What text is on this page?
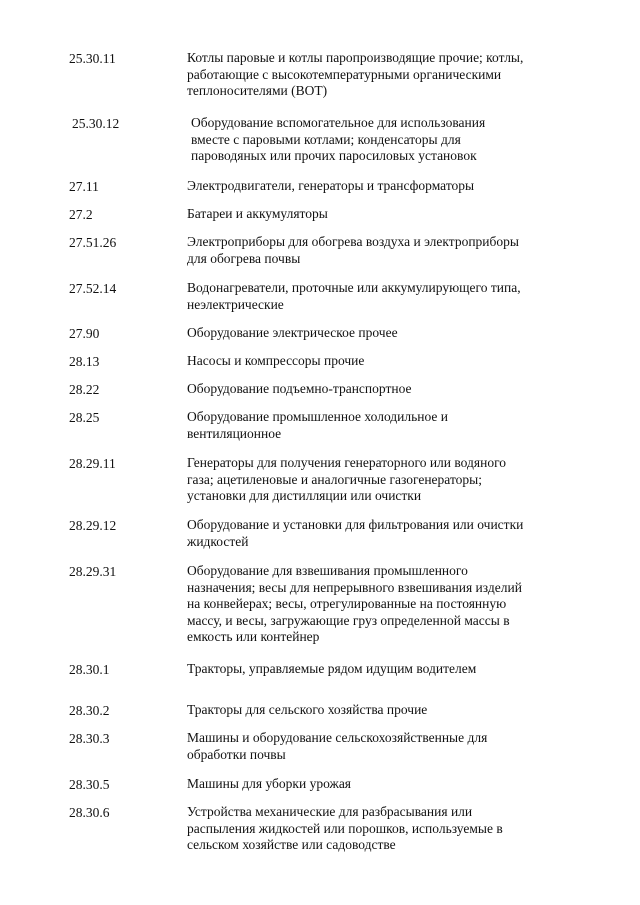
25.30.11	Котлы паровые и котлы паропроизводящие прочие; котлы,
работающие с высокотемпературными органическими
теплоносителями (ВОТ)
25.30.12	Оборудование вспомогательное для использования
вместе с паровыми котлами; конденсаторы для
пароводяных или прочих паросиловых установок
27.11	Электродвигатели, генераторы и трансформаторы
27.2	Батареи и аккумуляторы
27.51.26	Электроприборы для обогрева воздуха и электроприборы
для обогрева почвы
27.52.14	Водонагреватели, проточные или аккумулирующего типа,
неэлектрические
27.90	Оборудование электрическое прочее
28.13	Насосы и компрессоры прочие
28.22	Оборудование подъемно-транспортное
28.25	Оборудование промышленное холодильное и
вентиляционное
28.29.11	Генераторы для получения генераторного или водяного
газа; ацетиленовые и аналогичные газогенераторы;
установки для дистилляции или очистки
28.29.12	Оборудование и установки для фильтрования или очистки
жидкостей
28.29.31	Оборудование для взвешивания промышленного
назначения; весы для непрерывного взвешивания изделий
на конвейерах; весы, отрегулированные на постоянную
массу, и весы, загружающие груз определенной массы в
емкость или контейнер
28.30.1	Тракторы, управляемые рядом идущим водителем
28.30.2	Тракторы для сельского хозяйства прочие
28.30.3	Машины и оборудование сельскохозяйственные для
обработки почвы
28.30.5	Машины для уборки урожая
28.30.6	Устройства механические для разбрасывания или
распыления жидкостей или порошков, используемые в
сельском хозяйстве или садоводстве
